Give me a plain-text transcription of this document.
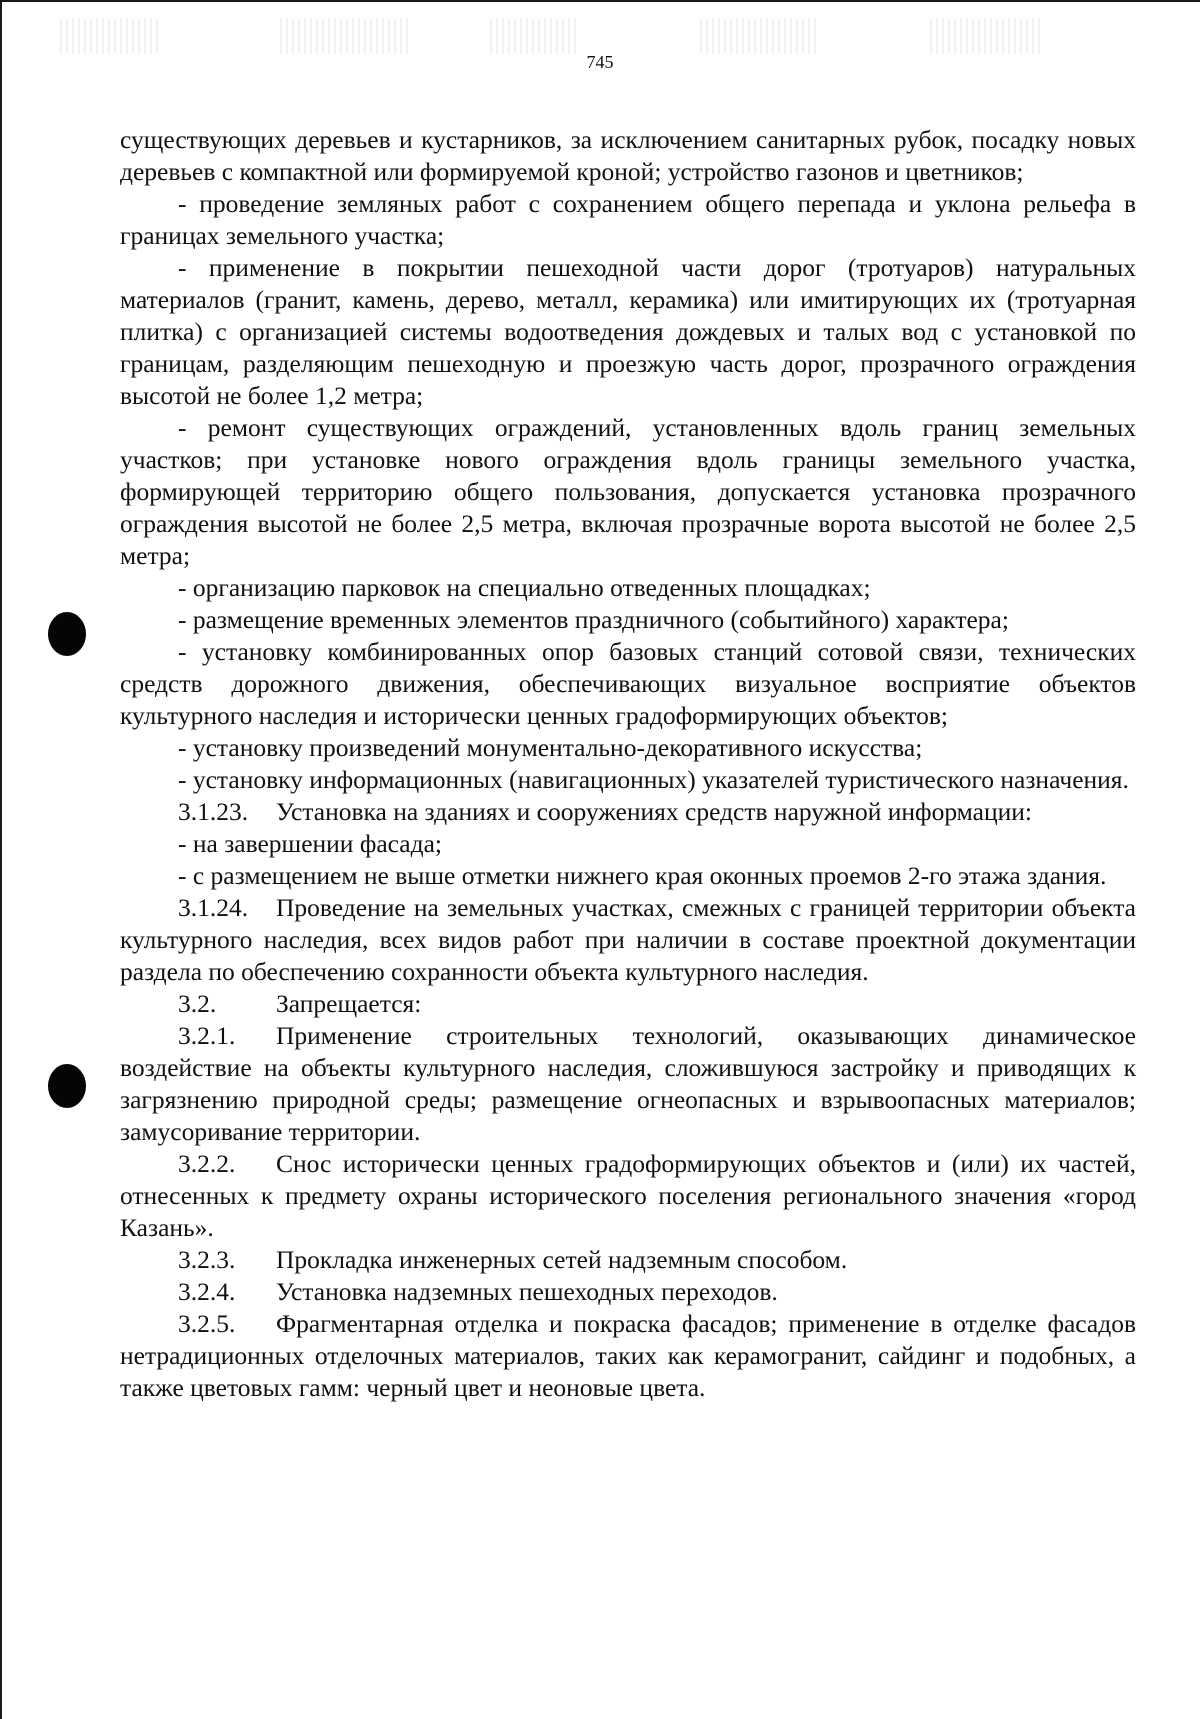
745

существующих деревьев и кустарников, за исключением санитарных рубок, посадку новых деревьев с компактной или формируемой кроной; устройство газонов и цветников;

- проведение земляных работ с сохранением общего перепада и уклона рельефа в границах земельного участка;

- применение в покрытии пешеходной части дорог (тротуаров) натуральных материалов (гранит, камень, дерево, металл, керамика) или имитирующих их (тротуарная плитка) с организацией системы водоотведения дождевых и талых вод с установкой по границам, разделяющим пешеходную и проезжую часть дорог, прозрачного ограждения высотой не более 1,2 метра;

- ремонт существующих ограждений, установленных вдоль границ земельных участков; при установке нового ограждения вдоль границы земельного участка, формирующей территорию общего пользования, допускается установка прозрачного ограждения высотой не более 2,5 метра, включая прозрачные ворота высотой не более 2,5 метра;

- организацию парковок на специально отведенных площадках;

- размещение временных элементов праздничного (событийного) характера;

- установку комбинированных опор базовых станций сотовой связи, технических средств дорожного движения, обеспечивающих визуальное восприятие объектов культурного наследия и исторически ценных градоформирующих объектов;

- установку произведений монументально-декоративного искусства;

- установку информационных (навигационных) указателей туристического назначения.

3.1.23. Установка на зданиях и сооружениях средств наружной информации:

- на завершении фасада;

- с размещением не выше отметки нижнего края оконных проемов 2-го этажа здания.

3.1.24. Проведение на земельных участках, смежных с границей территории объекта культурного наследия, всех видов работ при наличии в составе проектной документации раздела по обеспечению сохранности объекта культурного наследия.

3.2. Запрещается:

3.2.1. Применение строительных технологий, оказывающих динамическое воздействие на объекты культурного наследия, сложившуюся застройку и приводящих к загрязнению природной среды; размещение огнеопасных и взрывоопасных материалов; замусоривание территории.

3.2.2. Снос исторически ценных градоформирующих объектов и (или) их частей, отнесенных к предмету охраны исторического поселения регионального значения «город Казань».

3.2.3. Прокладка инженерных сетей надземным способом.

3.2.4. Установка надземных пешеходных переходов.

3.2.5. Фрагментарная отделка и покраска фасадов; применение в отделке фасадов нетрадиционных отделочных материалов, таких как керамогранит, сайдинг и подобных, а также цветовых гамм: черный цвет и неоновые цвета.
